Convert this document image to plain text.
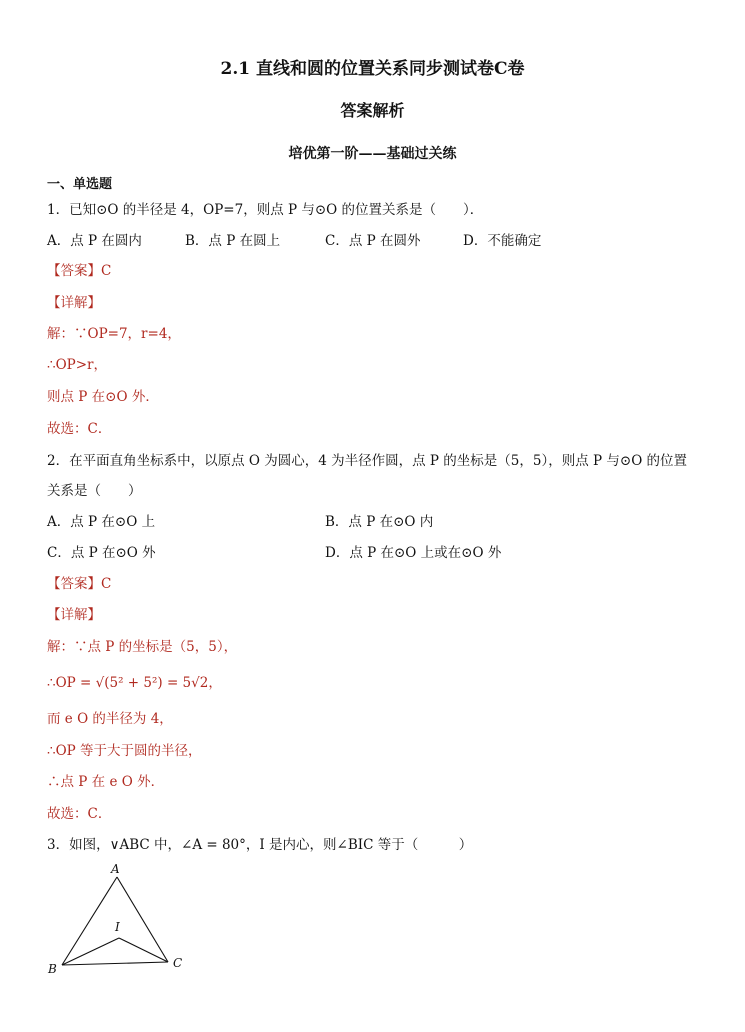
2.1 直线和圆的位置关系同步测试卷C卷
答案解析
培优第一阶——基础过关练
一、单选题
1．已知⊙O 的半径是 4，OP=7，则点 P 与⊙O 的位置关系是（　　）．
A．点 P 在圆内	B．点 P 在圆上	C．点 P 在圆外	D．不能确定
【答案】C
【详解】
解：∵OP=7，r=4，
∴OP>r，
则点 P 在⊙O 外．
故选：C．
2．在平面直角坐标系中，以原点 O 为圆心，4 为半径作圆，点 P 的坐标是（5，5），则点 P 与⊙O 的位置
关系是（　　）
A．点 P 在⊙O 上	B．点 P 在⊙O 内
C．点 P 在⊙O 外	D．点 P 在⊙O 上或在⊙O 外
【答案】C
【详解】
解：∵点 P 的坐标是（5，5），
∴OP = √(5² + 5²) = 5√2，
而 e O 的半径为 4，
∴OP 等于大于圆的半径，
∴点 P 在 e O 外．
故选：C．
3．如图，∨ABC 中，∠A = 80°，I 是内心，则∠BIC 等于（　　　）
A
B	C
I
